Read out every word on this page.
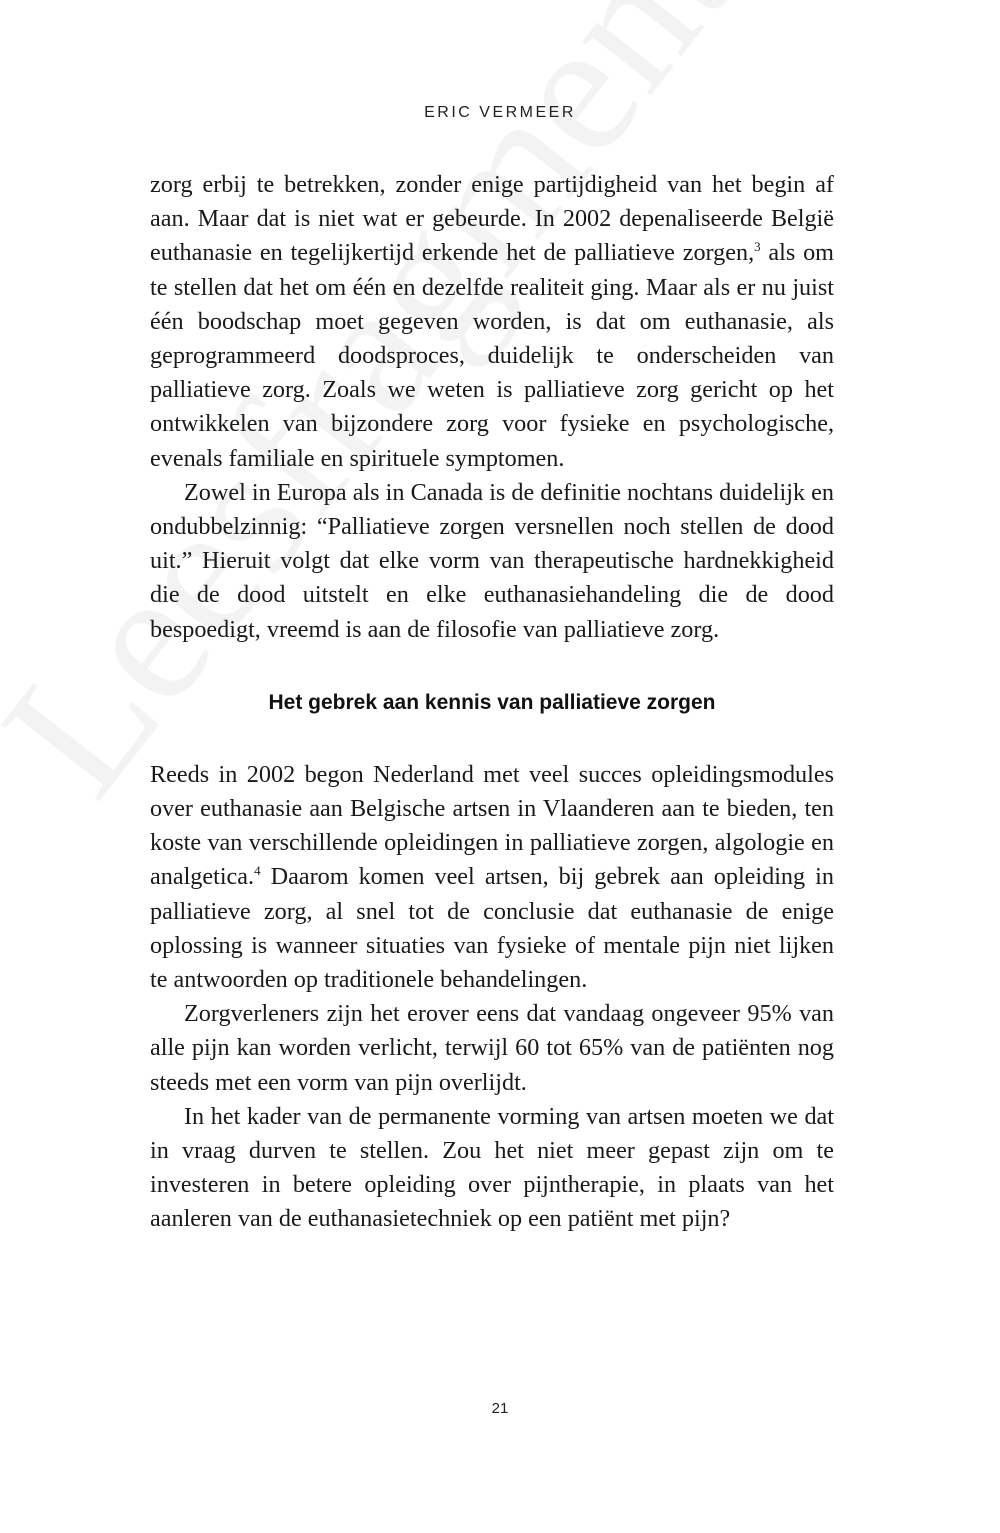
ERIC VERMEER

zorg erbij te betrekken, zonder enige partijdigheid van het begin af aan. Maar dat is niet wat er gebeurde. In 2002 depenaliseerde België euthanasie en tegelijkertijd erkende het de palliatieve zorgen,$^3$ als om te stellen dat het om één en dezelfde realiteit ging. Maar als er nu juist één boodschap moet gegeven worden, is dat om euthanasie, als geprogrammeerd doodsproces, duidelijk te onderscheiden van palliatieve zorg. Zoals we weten is palliatieve zorg gericht op het ontwikkelen van bijzondere zorg voor fysieke en psychologische, evenals familiale en spirituele symptomen.

Zowel in Europa als in Canada is de definitie nochtans duidelijk en ondubbelzinnig: “Palliatieve zorgen versnellen noch stellen de dood uit.” Hieruit volgt dat elke vorm van therapeutische hardnekkigheid die de dood uitstelt en elke euthanasiehandeling die de dood bespoedigt, vreemd is aan de filosofie van palliatieve zorg.

Het gebrek aan kennis van palliatieve zorgen

Reeds in 2002 begon Nederland met veel succes opleidingsmodules over euthanasie aan Belgische artsen in Vlaanderen aan te bieden, ten koste van verschillende opleidingen in palliatieve zorgen, algologie en analgetica.$^4$ Daarom komen veel artsen, bij gebrek aan opleiding in palliatieve zorg, al snel tot de conclusie dat euthanasie de enige oplossing is wanneer situaties van fysieke of mentale pijn niet lijken te antwoorden op traditionele behandelingen.

Zorgverleners zijn het erover eens dat vandaag ongeveer 95% van alle pijn kan worden verlicht, terwijl 60 tot 65% van de patiënten nog steeds met een vorm van pijn overlijdt.

In het kader van de permanente vorming van artsen moeten we dat in vraag durven te stellen. Zou het niet meer gepast zijn om te investeren in betere opleiding over pijntherapie, in plaats van het aanleren van de euthanasietechniek op een patiënt met pijn?

21
